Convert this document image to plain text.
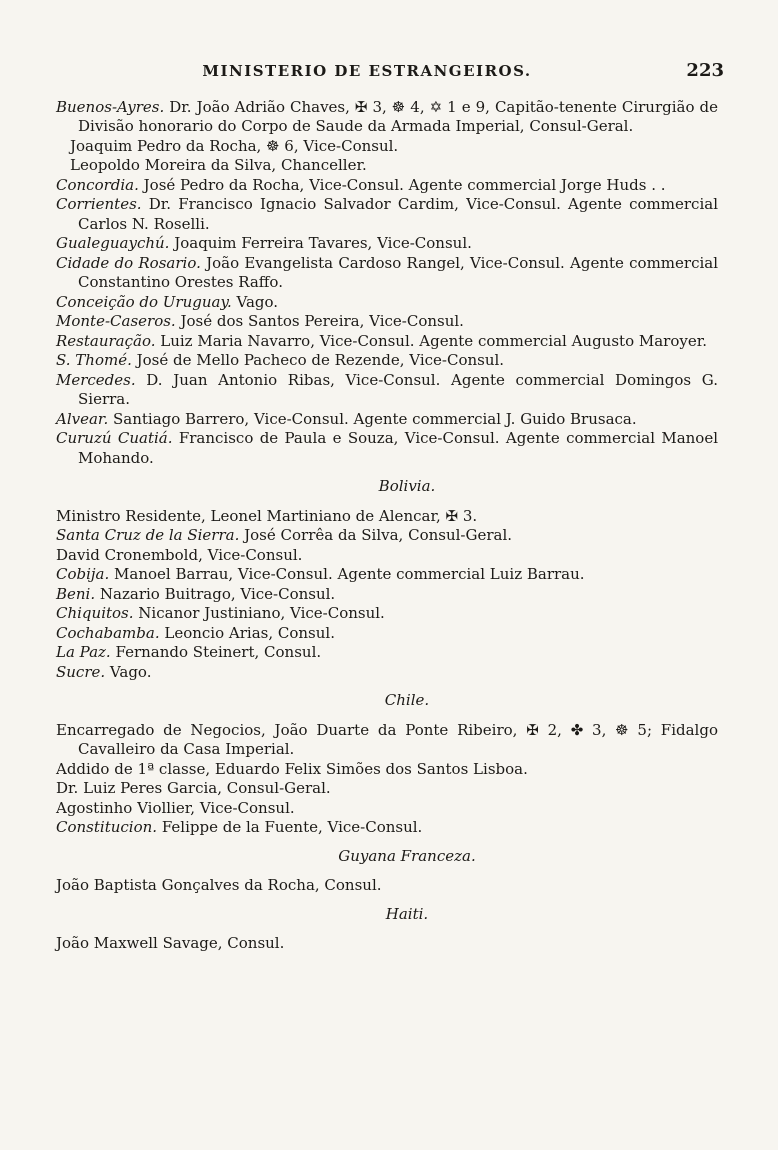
MINISTERIO DE ESTRANGEIROS.	223

Buenos-Ayres. Dr. João Adrião Chaves, ✠ 3, ☸ 4, ✡ 1 e 9, Capitão-tenente Cirurgião de Divisão honorario do Corpo de Saude da Armada Imperial, Consul-Geral.

Joaquim Pedro da Rocha, ☸ 6, Vice-Consul.

Leopoldo Moreira da Silva, Chanceller.

Concordia. José Pedro da Rocha, Vice-Consul. Agente commercial Jorge Huds . .

Corrientes. Dr. Francisco Ignacio Salvador Cardim, Vice-Consul. Agente commercial Carlos N. Roselli.

Gualeguaychú. Joaquim Ferreira Tavares, Vice-Consul.

Cidade do Rosario. João Evangelista Cardoso Rangel, Vice-Consul. Agente commercial Constantino Orestes Raffo.

Conceição do Uruguay. Vago.

Monte-Caseros. José dos Santos Pereira, Vice-Consul.

Restauração. Luiz Maria Navarro, Vice-Consul. Agente commercial Augusto Maroyer.

S. Thomé. José de Mello Pacheco de Rezende, Vice-Consul.

Mercedes. D. Juan Antonio Ribas, Vice-Consul. Agente commercial Domingos G. Sierra.

Alvear. Santiago Barrero, Vice-Consul. Agente commercial J. Guido Brusaca.

Curuzú Cuatiá. Francisco de Paula e Souza, Vice-Consul. Agente commercial Manoel Mohando.

Bolivia.

Ministro Residente, Leonel Martiniano de Alencar, ✠ 3.

Santa Cruz de la Sierra. José Corrêa da Silva, Consul-Geral.

David Cronembold, Vice-Consul.

Cobija. Manoel Barrau, Vice-Consul. Agente commercial Luiz Barrau.

Beni. Nazario Buitrago, Vice-Consul.

Chiquitos. Nicanor Justiniano, Vice-Consul.

Cochabamba. Leoncio Arias, Consul.

La Paz. Fernando Steinert, Consul.

Sucre. Vago.

Chile.

Encarregado de Negocios, João Duarte da Ponte Ribeiro, ✠ 2, ✤ 3, ☸ 5; Fidalgo Cavalleiro da Casa Imperial.

Addido de 1ª classe, Eduardo Felix Simões dos Santos Lisboa.

Dr. Luiz Peres Garcia, Consul-Geral.

Agostinho Viollier, Vice-Consul.

Constitucion. Felippe de la Fuente, Vice-Consul.

Guyana Franceza.

João Baptista Gonçalves da Rocha, Consul.

Haiti.

João Maxwell Savage, Consul.
